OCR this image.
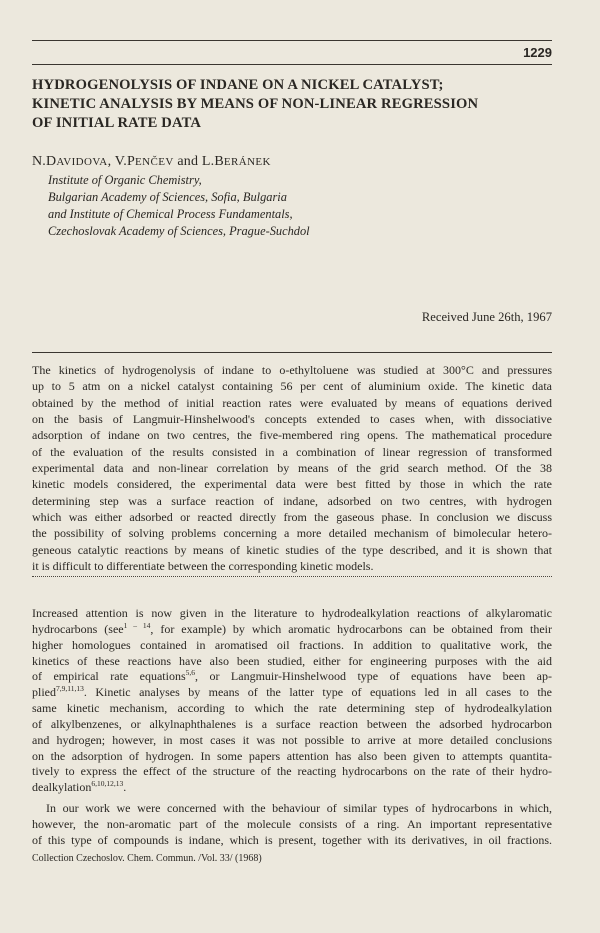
1229
HYDROGENOLYSIS OF INDANE ON A NICKEL CATALYST;
KINETIC ANALYSIS BY MEANS OF NON-LINEAR REGRESSION
OF INITIAL RATE DATA
N.DAVIDOVA, V.PENČEV and L.BERÁNEK
Institute of Organic Chemistry,
Bulgarian Academy of Sciences, Sofia, Bulgaria
and Institute of Chemical Process Fundamentals,
Czechoslovak Academy of Sciences, Prague-Suchdol
Received June 26th, 1967
The kinetics of hydrogenolysis of indane to o-ethyltoluene was studied at 300°C and pressures
up to 5 atm on a nickel catalyst containing 56 per cent of aluminium oxide. The kinetic data
obtained by the method of initial reaction rates were evaluated by means of equations derived
on the basis of Langmuir-Hinshelwood's concepts extended to cases when, with dissociative
adsorption of indane on two centres, the five-membered ring opens. The mathematical procedure
of the evaluation of the results consisted in a combination of linear regression of transformed
experimental data and non-linear correlation by means of the grid search method. Of the 38
kinetic models considered, the experimental data were best fitted by those in which the rate
determining step was a surface reaction of indane, adsorbed on two centres, with hydrogen
which was either adsorbed or reacted directly from the gaseous phase. In conclusion we discuss
the possibility of solving problems concerning a more detailed mechanism of bimolecular hetero-
geneous catalytic reactions by means of kinetic studies of the type described, and it is shown that
it is difficult to differentiate between the corresponding kinetic models.
Increased attention is now given in the literature to hydrodealkylation reactions of alkylaromatic
hydrocarbons (see$^{1 - 14}$, for example) by which aromatic hydrocarbons can be obtained from their
higher homologues contained in aromatised oil fractions. In addition to qualitative work, the
kinetics of these reactions have also been studied, either for engineering purposes with the aid
of empirical rate equations$^{5,6}$, or Langmuir-Hinshelwood type of equations have been ap-
plied$^{7,9,11,13}$. Kinetic analyses by means of the latter type of equations led in all cases to the
same kinetic mechanism, according to which the rate determining step of hydrodealkylation
of alkylbenzenes, or alkylnaphthalenes is a surface reaction between the adsorbed hydrocarbon
and hydrogen; however, in most cases it was not possible to arrive at more detailed conclusions
on the adsorption of hydrogen. In some papers attention has also been given to attempts quantita-
tively to express the effect of the structure of the reacting hydrocarbons on the rate of their hydro-
dealkylation$^{6,10,12,13}$.
In our work we were concerned with the behaviour of similar types of hydrocarbons in which,
however, the non-aromatic part of the molecule consists of a ring. An important representative
of this type of compounds is indane, which is present, together with its derivatives, in oil fractions.
Collection Czechoslov. Chem. Commun. /Vol. 33/ (1968)
